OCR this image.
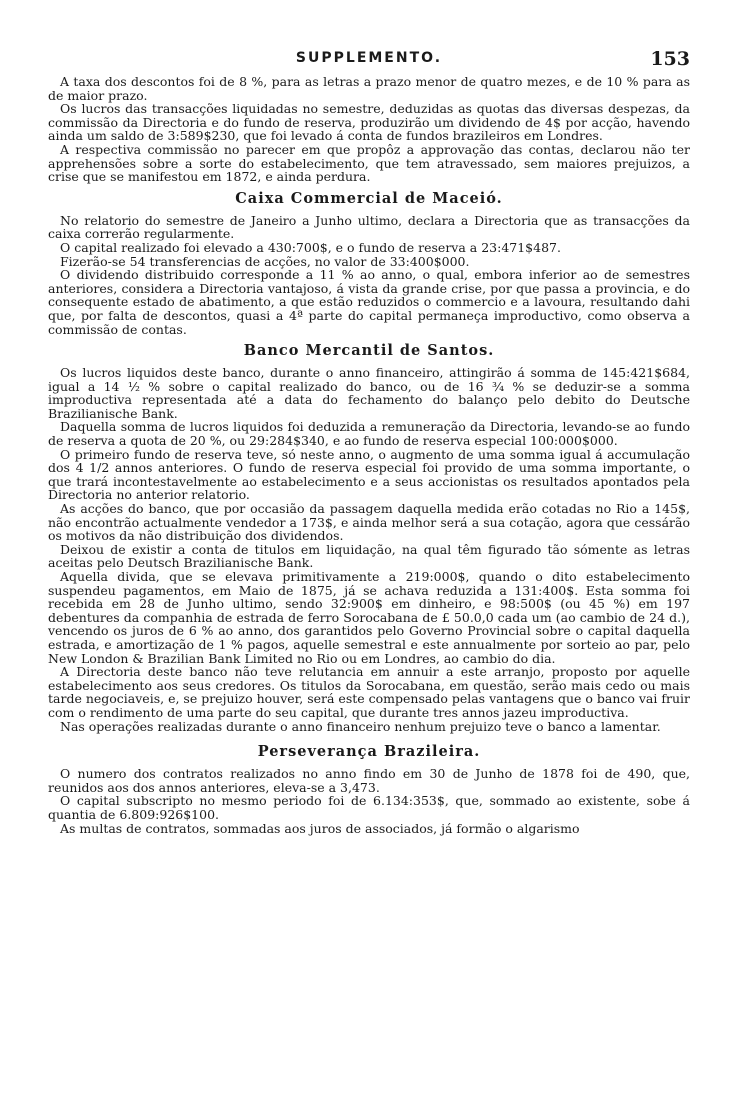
SUPPLEMENTO.	153

A taxa dos descontos foi de 8 %, para as letras a prazo menor de quatro mezes, e de 10 % para as de maior prazo.

Os lucros das transacções liquidadas no semestre, deduzidas as quotas das diversas despezas, da commissão da Directoria e do fundo de reserva, produzirão um dividendo de 4$ por acção, havendo ainda um saldo de 3:589$230, que foi levado á conta de fundos brazileiros em Londres.

A respectiva commissão no parecer em que propôz a approvação das contas, declarou não ter apprehensões sobre a sorte do estabelecimento, que tem atravessado, sem maiores prejuizos, a crise que se manifestou em 1872, e ainda perdura.

Caixa Commercial de Maceió.

No relatorio do semestre de Janeiro a Junho ultimo, declara a Directoria que as transacções da caixa correrão regularmente.

O capital realizado foi elevado a 430:700$, e o fundo de reserva a 23:471$487.

Fizerão-se 54 transferencias de acções, no valor de 33:400$000.

O dividendo distribuido corresponde a 11 % ao anno, o qual, embora inferior ao de semestres anteriores, considera a Directoria vantajoso, á vista da grande crise, por que passa a provincia, e do consequente estado de abatimento, a que estão reduzidos o commercio e a lavoura, resultando dahi que, por falta de descontos, quasi a 4ª parte do capital permaneça improductivo, como observa a commissão de contas.

Banco Mercantil de Santos.

Os lucros liquidos deste banco, durante o anno financeiro, attingirão á somma de 145:421$684, igual a 14 ½ % sobre o capital realizado do banco, ou de 16 ¾ % se deduzir-se a somma improductiva representada até a data do fechamento do balanço pelo debito do Deutsche Brazilianische Bank.

Daquella somma de lucros liquidos foi deduzida a remuneração da Directoria, levando-se ao fundo de reserva a quota de 20 %, ou 29:284$340, e ao fundo de reserva especial 100:000$000.

O primeiro fundo de reserva teve, só neste anno, o augmento de uma somma igual á accumulação dos 4 1/2 annos anteriores. O fundo de reserva especial foi provido de uma somma importante, o que trará incontestavelmente ao estabelecimento e a seus accionistas os resultados apontados pela Directoria no anterior relatorio.

As acções do banco, que por occasião da passagem daquella medida erão cotadas no Rio a 145$, não encontrão actualmente vendedor a 173$, e ainda melhor será a sua cotação, agora que cessárão os motivos da não distribuição dos dividendos.

Deixou de existir a conta de titulos em liquidação, na qual têm figurado tão sómente as letras aceitas pelo Deutsch Brazilianische Bank.

Aquella divida, que se elevava primitivamente a 219:000$, quando o dito estabelecimento suspendeu pagamentos, em Maio de 1875, já se achava reduzida a 131:400$. Esta somma foi recebida em 28 de Junho ultimo, sendo 32:900$ em dinheiro, e 98:500$ (ou 45 %) em 197 debentures da companhia de estrada de ferro Sorocabana de £ 50.0,0 cada um (ao cambio de 24 d.), vencendo os juros de 6 % ao anno, dos garantidos pelo Governo Provincial sobre o capital daquella estrada, e amortização de 1 % pagos, aquelle semestral e este annualmente por sorteio ao par, pelo New London & Brazilian Bank Limited no Rio ou em Londres, ao cambio do dia.

A Directoria deste banco não teve relutancia em annuir a este arranjo, proposto por aquelle estabelecimento aos seus credores. Os titulos da Sorocabana, em questão, serão mais cedo ou mais tarde negociaveis, e, se prejuizo houver, será este compensado pelas vantagens que o banco vai fruir com o rendimento de uma parte do seu capital, que durante tres annos jazeu improductiva.

Nas operações realizadas durante o anno financeiro nenhum prejuizo teve o banco a lamentar.

Perseverança Brazileira.

O numero dos contratos realizados no anno findo em 30 de Junho de 1878 foi de 490, que, reunidos aos dos annos anteriores, eleva-se a 3,473.

O capital subscripto no mesmo periodo foi de 6.134:353$, que, sommado ao existente, sobe á quantia de 6.809:926$100.

As multas de contratos, sommadas aos juros de associados, já formão o algarismo
